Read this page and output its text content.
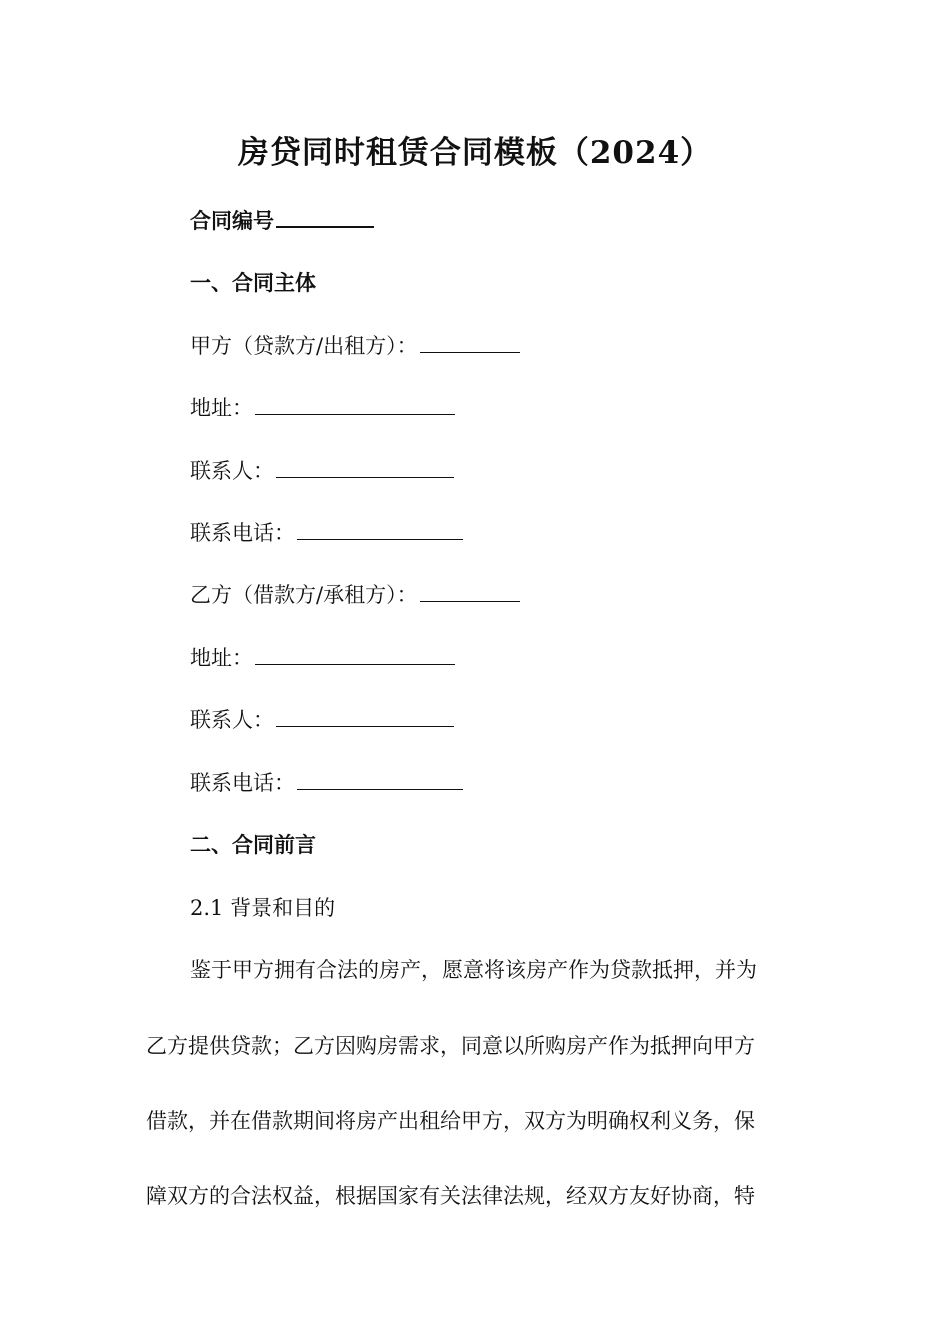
房贷同时租赁合同模板（2024）
合同编号
一、合同主体
甲方（贷款方/出租方）：
地址：
联系人：
联系电话：
乙方（借款方/承租方）：
地址：
联系人：
联系电话：
二、合同前言
2.1 背景和目的
鉴于甲方拥有合法的房产，愿意将该房产作为贷款抵押，并为
乙方提供贷款；乙方因购房需求，同意以所购房产作为抵押向甲方
借款，并在借款期间将房产出租给甲方，双方为明确权利义务，保
障双方的合法权益，根据国家有关法律法规，经双方友好协商，特
